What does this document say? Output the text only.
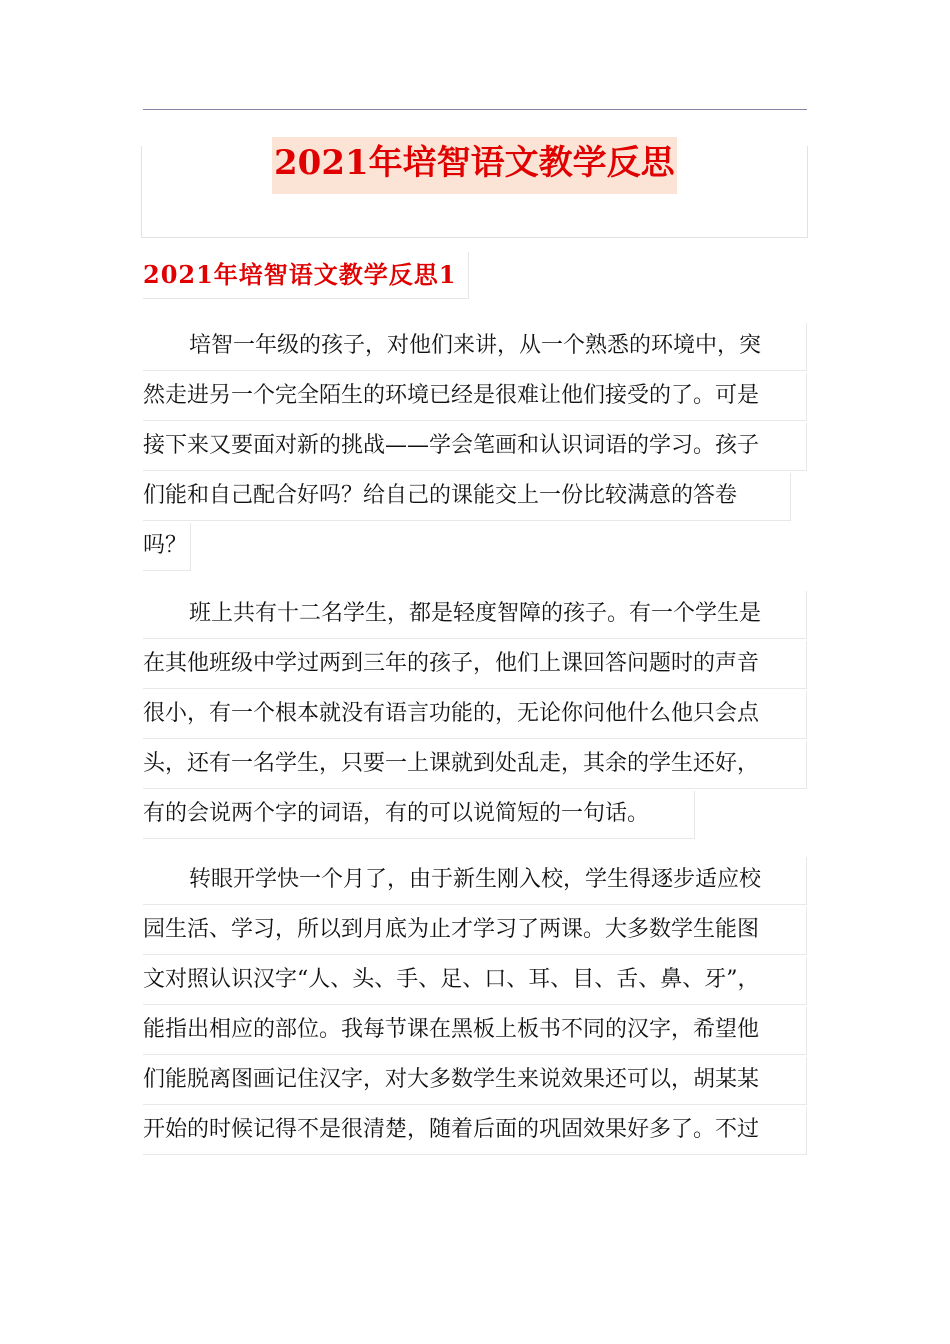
2021年培智语文教学反思
2021年培智语文教学反思1
培智一年级的孩子，对他们来讲，从一个熟悉的环境中，突
然走进另一个完全陌生的环境已经是很难让他们接受的了。可是
接下来又要面对新的挑战——学会笔画和认识词语的学习。孩子
们能和自己配合好吗？给自己的课能交上一份比较满意的答卷
吗？
班上共有十二名学生，都是轻度智障的孩子。有一个学生是
在其他班级中学过两到三年的孩子，他们上课回答问题时的声音
很小，有一个根本就没有语言功能的，无论你问他什么他只会点
头，还有一名学生，只要一上课就到处乱走，其余的学生还好，
有的会说两个字的词语，有的可以说简短的一句话。
转眼开学快一个月了，由于新生刚入校，学生得逐步适应校
园生活、学习，所以到月底为止才学习了两课。大多数学生能图
文对照认识汉字“人、头、手、足、口、耳、目、舌、鼻、牙”，
能指出相应的部位。我每节课在黑板上板书不同的汉字，希望他
们能脱离图画记住汉字，对大多数学生来说效果还可以，胡某某
开始的时候记得不是很清楚，随着后面的巩固效果好多了。不过
